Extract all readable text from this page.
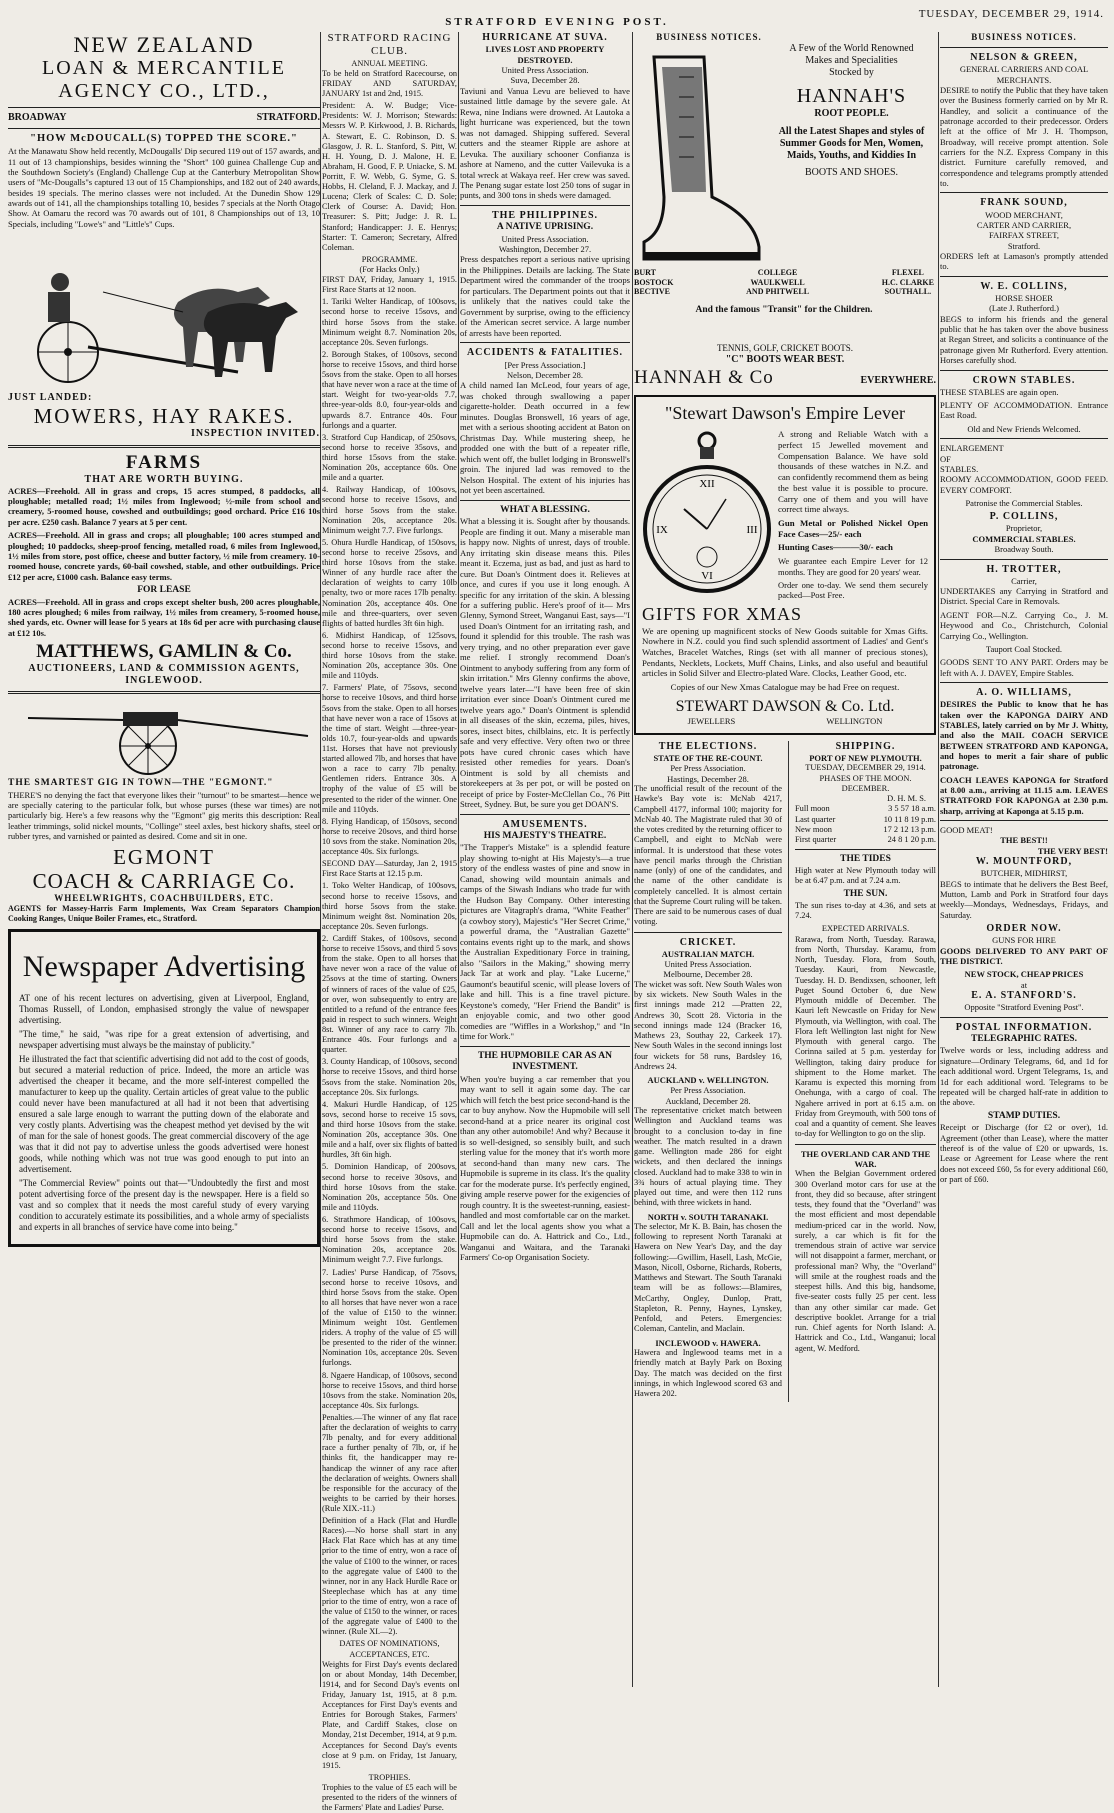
STRATFORD EVENING POST.
TUESDAY, DECEMBER 29, 1914.
NEW ZEALAND
LOAN & MERCANTILE
AGENCY CO., LTD.,
BROADWAY	STRATFORD.
"HOW McDOUCALL(S) TOPPED THE SCORE."

At the Manawatu Show held recently, McDougalls' Dip secured 119 out of 157 awards, and 11 out of 13 championships, besides winning the "Short" 100 guinea Challenge Cup and the Southdown Society's (England) Challenge Cup at the Canterbury Metropolitan Show users of "Mc-Dougalls"s captured 13 out of 15 Championships, and 182 out of 240 awards, besides 19 specials. The merino classes were not included. At the Dunedin Show 129 awards out of 141, all the championships totalling 10, besides 7 specials at the North Otago Show. At Oamaru the record was 70 awards out of 101, 8 Championships out of 13, 10 Specials, including "Lowe's" and "Little's" Cups.

JUST LANDED:
MOWERS, HAY RAKES.
INSPECTION INVITED.
FARMS
THAT ARE WORTH BUYING.

ACRES—Freehold. All in grass and crops, 15 acres stumped, 8 paddocks, all ploughable; metalled road; 1½ miles from Inglewood; ½-mile from school and creamery, 5-roomed house, cowshed and outbuildings; good orchard. Price £16 10s per acre. £250 cash. Balance 7 years at 5 per cent.

ACRES—Freehold. All in grass and crops; all ploughable; 100 acres stumped and ploughed; 10 paddocks, sheep-proof fencing, metalled road, 6 miles from Inglewood, 1½ miles from store, post office, cheese and butter factory, ½ mile from creamery. 10-roomed house, concrete yards, 60-bail cowshed, stable, and other outbuildings. Price £12 per acre, £1000 cash. Balance easy terms.

FOR LEASE

ACRES—Freehold. All in grass and crops except shelter bush, 200 acres ploughable, 180 acres ploughed; 6 miles from railway, 1½ miles from creamery, 5-roomed house, shed yards, etc. Owner will lease for 5 years at 18s 6d per acre with purchasing clause at £12 10s.

MATTHEWS, GAMLIN & Co.
AUCTIONEERS, LAND & COMMISSION AGENTS,
INGLEWOOD.
THE SMARTEST GIG IN TOWN—THE "EGMONT."

THERE'S no denying the fact that everyone likes their "turnout" to be smartest—hence we are specially catering to the particular folk, but whose purses (these war times) are not particularly big. Here's a few reasons why the "Egmont" gig merits this description: Real leather trimmings, solid nickel mounts, "Collinge" steel axles, best hickory shafts, steel or rubber tyres, and varnished or painted as desired. Come and sit in one.

EGMONT
COACH & CARRIAGE Co.
WHEELWRIGHTS, COACHBUILDERS, ETC.

AGENTS for Massey-Harris Farm Implements, Wax Cream Separators Champion Cooking Ranges, Unique Boiler Frames, etc., Stratford.

Newspaper Advertising

AT one of his recent lectures on advertising, given at Liverpool, England, Thomas Russell, of London, emphasised strongly the value of newspaper advertising.

"The time," he said, "was ripe for a great extension of advertising, and newspaper advertising must always be the mainstay of publicity."

He illustrated the fact that scientific advertising did not add to the cost of goods, but secured a material reduction of price. Indeed, the more an article was advertised the cheaper it became, and the more self-interest compelled the manufacturer to keep up the quality. Certain articles of great value to the public could never have been manufactured at all had it not been that advertising ensured a sale large enough to warrant the putting down of the elaborate and very costly plants. Advertising was the cheapest method yet devised by the wit of man for the sale of honest goods. The great commercial discovery of the age was that it did not pay to advertise unless the goods advertised were honest goods, while nothing which was not true was good enough to put into an advertisement.

"The Commercial Review" points out that—"Undoubtedly the first and most potent advertising force of the present day is the newspaper. Here is a field so vast and so complex that it needs the most careful study of every varying condition to accurately estimate its possibilities, and a whole army of specialists and experts in all branches of service have come into being."

STRATFORD RACING CLUB.
ANNUAL MEETING.

To be held on Stratford Racecourse, on FRIDAY AND SATURDAY, JANUARY 1st and 2nd, 1915.

President: A. W. Budge; Vice-Presidents: W. J. Morrison; Stewards: Messrs W. P. Kirkwood, J. B. Richards, A. Stewart, E. C. Robinson, D. S. Glasgow, J. R. L. Stanford, S. Pitt, W. H. H. Young, D. J. Malone, H. E. Abraham, H. Good, F. P. Uniacke, S. M. Porritt, F. W. Webb, G. Syme, G. S. Hobbs, H. Cleland, F. J. Mackay, and J. Lucena; Clerk of Scales: C. D. Sole; Clerk of Course: A. David; Hon. Treasurer: S. Pitt; Judge: J. R. L. Stanford; Handicapper: J. E. Henrys; Starter: T. Cameron; Secretary, Alfred Coleman.

PROGRAMME.
(For Hacks Only.)

FIRST DAY, Friday, January 1, 1915. First Race Starts at 12 noon.

1. Tariki Welter Handicap, of 100sovs, second horse to receive 15sovs, and third horse 5sovs from the stake. Minimum weight 8.7. Nomination 20s, acceptance 20s. Seven furlongs.

2. Borough Stakes, of 100sovs, second horse to receive 15sovs, and third horse 5sovs from the stake. Open to all horses that have never won a race at the time of start. Weight for two-year-olds 7.7, three-year-olds 8.0, four-year-olds and upwards 8.7. Entrance 40s. Four furlongs and a quarter.

3. Stratford Cup Handicap, of 250sovs, second horse to receive 35sovs, and third horse 15sovs from the stake. Nomination 20s, acceptance 60s. One mile and a quarter.

4. Railway Handicap, of 100sovs, second horse to receive 15sovs, and third horse 5sovs from the stake. Nomination 20s, acceptance 20s. Minimum weight 7.7. Five furlongs.

5. Ohura Hurdle Handicap, of 150sovs, second horse to receive 25sovs, and third horse 10sovs from the stake. Winner of any hurdle race after the declaration of weights to carry 10lb penalty, two or more races 17lb penalty. Nomination 20s, acceptance 40s. One mile and three-quarters, over seven flights of batted hurdles 3ft 6in high.

6. Midhirst Handicap, of 125sovs, second horse to receive 15sovs, and third horse 10sovs from the stake. Nomination 20s, acceptance 30s. One mile and 110yds.

7. Farmers' Plate, of 75sovs, second horse to receive 10sovs, and third horse 5sovs from the stake. Open to all horses that have never won a race of 15sovs at the time of start. Weight —three-year-olds 10.7, four-year-olds and upwards 11st. Horses that have not previously started allowed 7lb, and horses that have won a race to carry 7lb penalty. Gentlemen riders. Entrance 30s. A trophy of the value of £5 will be presented to the rider of the winner. One mile and 110yds.

8. Flying Handicap, of 150sovs, second horse to receive 20sovs, and third horse 10 sovs from the stake. Nomination 20s, acceptance 40s. Six furlongs.

SECOND DAY—Saturday, Jan 2, 1915 First Race Starts at 12.15 p.m.

1. Toko Welter Handicap, of 100sovs, second horse to receive 15sovs, and third horse 5sovs from the stake. Minimum weight 8st. Nomination 20s, acceptance 20s. Seven furlongs.

2. Cardiff Stakes, of 100sovs, second horse to receive 15sovs, and third 5 sovs from the stake. Open to all horses that have never won a race of the value of 25sovs at the time of starting. Owners of winners of races of the value of £25, or over, won subsequently to entry are entitled to a refund of the entrance fees paid in respect to such winners. Weight 8st. Winner of any race to carry 7lb. Entrance 40s. Four furlongs and a quarter.

3. County Handicap, of 100sovs, second horse to receive 15sovs, and third horse 5sovs from the stake. Nomination 20s, acceptance 20s. Six furlongs.

4. Makuri Hurdle Handicap, of 125 sovs, second horse to receive 15 sovs, and third horse 10sovs from the stake. Nomination 20s, acceptance 30s. One mile and a half, over six flights of batted hurdles, 3ft 6in high.

5. Dominion Handicap, of 200sovs, second horse to receive 30sovs, and third horse 10sovs from the stake. Nomination 20s, acceptance 50s. One mile and 110yds.

6. Strathmore Handicap, of 100sovs, second horse to receive 15sovs, and third horse 5sovs from the stake. Nomination 20s, acceptance 20s. Minimum weight 7.7. Five furlongs.

7. Ladies' Purse Handicap, of 75sovs, second horse to receive 10sovs, and third horse 5sovs from the stake. Open to all horses that have never won a race of the value of £150 to the winner. Minimum weight 10st. Gentlemen riders. A trophy of the value of £5 will be presented to the rider of the winner. Nomination 10s, acceptance 20s. Seven furlongs.

8. Ngaere Handicap, of 100sovs, second horse to receive 15sovs, and third horse 10sovs from the stake. Nomination 20s, acceptance 40s. Six furlongs.

Penalties.—The winner of any flat race after the declaration of weights to carry 7lb penalty, and for every additional race a further penalty of 7lb, or, if he thinks fit, the handicapper may re-handicap the winner of any race after the declaration of weights. Owners shall be responsible for the accuracy of the weights to be carried by their horses. (Rule XIX.-11.)

Definition of a Hack (Flat and Hurdle Races).—No horse shall start in any Hack Flat Race which has at any time prior to the time of entry, won a race of the value of £100 to the winner, or races to the aggregate value of £400 to the winner, nor in any Hack Hurdle Race or Steeplechase which has at any time prior to the time of entry, won a race of the value of £150 to the winner, or races of the aggregate value of £400 to the winner. (Rule XI.—2).

DATES OF NOMINATIONS, ACCEPTANCES, ETC.

Weights for First Day's events declared on or about Monday, 14th December, 1914, and for Second Day's events on Friday, January 1st, 1915, at 8 p.m. Acceptances for First Day's events and Entries for Borough Stakes, Farmers' Plate, and Cardiff Stakes, close on Monday, 21st December, 1914, at 9 p.m. Acceptances for Second Day's events close at 9 p.m. on Friday, 1st January, 1915.

TROPHIES.

Trophies to the value of £5 each will be presented to the riders of the winners of the Farmers' Plate and Ladies' Purse.

HURRICANE AT SUVA.
LIVES LOST AND PROPERTY DESTROYED.
United Press Association.
Suva, December 28.

Taviuni and Vanua Levu are believed to have sustained little damage by the severe gale. At Rewa, nine Indians were drowned. At Lautoka a light hurricane was experienced, but the town was not damaged. Shipping suffered. Several cutters and the steamer Ripple are ashore at Levuka. The auxiliary schooner Confianza is ashore at Nameno, and the cutter Vailevuka is a total wreck at Wakaya reef. Her crew was saved. The Penang sugar estate lost 250 tons of sugar in punts, and 300 tons in sheds were damaged.

THE PHILIPPINES.
A NATIVE UPRISING.
United Press Association.
Washington, December 27.

Press despatches report a serious native uprising in the Philippines. Details are lacking. The State Department wired the commander of the troops for particulars. The Department points out that it is unlikely that the natives could take the Government by surprise, owing to the efficiency of the American secret service. A large number of arrests have been reported.

ACCIDENTS & FATALITIES.
[Per Press Association.]
Nelson, December 28.

A child named Ian McLeod, four years of age, was choked through swallowing a paper cigarette-holder. Death occurred in a few minutes. Douglas Bronswell, 16 years of age, met with a serious shooting accident at Baton on Christmas Day. While mustering sheep, he prodded one with the butt of a repeater rifle, which went off, the bullet lodging in Bronswell's groin. The injured lad was removed to the Nelson Hospital. The extent of his injuries has not yet been ascertained.

WHAT A BLESSING.

What a blessing it is. Sought after by thousands. People are finding it out. Many a miserable man is happy now. Nights of unrest, days of trouble. Any irritating skin disease means this. Piles meant it. Eczema, just as bad, and just as hard to cure. But Doan's Ointment does it. Relieves at once, and cures if you use it long enough. A specific for any irritation of the skin. A blessing for a suffering public. Here's proof of it— Mrs Glenny, Symond Street, Wanganui East, says—"I used Doan's Ointment for an irritating rash, and found it splendid for this trouble. The rash was very trying, and no other preparation ever gave me relief. I strongly recommend Doan's Ointment to anybody suffering from any form of skin irritation." Mrs Glenny confirms the above, twelve years later—"I have been free of skin irritation ever since Doan's Ointment cured me twelve years ago." Doan's Ointment is splendid in all diseases of the skin, eczema, piles, hives, sores, insect bites, chilblains, etc. It is perfectly safe and very effective. Very often two or three pots have cured chronic cases which have resisted other remedies for years. Doan's Ointment is sold by all chemists and storekeepers at 3s per pot, or will be posted on receipt of price by Foster-McClellan Co., 76 Pitt Street, Sydney. But, be sure you get DOAN'S.

AMUSEMENTS.
HIS MAJESTY'S THEATRE.

"The Trapper's Mistake" is a splendid feature play showing to-night at His Majesty's—a true story of the endless wastes of pine and snow in Canad, showing wild mountain animals and camps of the Siwash Indians who trade fur with the Hudson Bay Company. Other interesting pictures are Vitagraph's drama, "White Feather" (a cowboy story), Majestic's "Her Secret Crime," a powerful drama, the "Australian Gazette" contains events right up to the mark, and shows the Australian Expeditionary Force in training, also "Sailors in the Making," showing merry Jack Tar at work and play. "Lake Lucerne," Gaumont's beautiful scenic, will please lovers of lake and hill. This is a fine travel picture. Keystone's comedy, "Her Friend the Bandit" is an enjoyable comic, and two other good comedies are "Wiffles in a Workshop," and "In time for Work."

THE HUPMOBILE CAR AS AN INVESTMENT.

When you're buying a car remember that you may want to sell it again some day. The car which will fetch the best price second-hand is the car to buy anyhow. Now the Hupmobile will sell second-hand at a price nearer its original cost than any other automobile! And why? Because it is so well-designed, so sensibly built, and such sterling value for the money that it's worth more at second-hand than many new cars. The Hupmobile is supreme in its class. It's the quality car for the moderate purse. It's perfectly engined, giving ample reserve power for the exigencies of rough country. It is the sweetest-running, easiest-handled and most comfortable car on the market. Call and let the local agents show you what a Hupmobile can do. A. Hattrick and Co., Ltd., Wanganui and Waitara, and the Taranaki Farmers' Co-op Organisation Society.

BUSINESS NOTICES.
A Few of the World Renowned
Makes and Specialities
Stocked by
HANNAH'S
ROOT PEOPLE.
All the Latest Shapes and styles of Summer Goods for Men, Women, Maids, Youths, and Kiddies In
BOOTS AND SHOES.
BURT
BOSTOCK
BECTIVE
COLLEGE
WAULKWELL
AND PHITWELL
FLEXEL
H.C. CLARKE
SOUTHALL.
And the famous "Transit" for the Children.
TENNIS, GOLF, CRICKET BOOTS.
"C" BOOTS WEAR BEST.
HANNAH & Co	EVERYWHERE.
"Stewart Dawson's Empire Lever
XII
III
VI
IX

A strong and Reliable Watch with a perfect 15 Jewelled movement and Compensation Balance. We have sold thousands of these watches in N.Z. and can confidently recommend them as being the best value it is possible to procure. Carry one of them and you will have correct time always.

Gun Metal or Polished Nickel Open Face Cases—25/- each

Hunting Cases———30/- each

We guarantee each Empire Lever for 12 months. They are good for 20 years' wear.

Order one to-day. We send them securely packed—Post Free.

GIFTS FOR XMAS

We are opening up magnificent stocks of New Goods suitable for Xmas Gifts. Nowhere in N.Z. could you find such splendid assortment of Ladies' and Gent's Watches, Bracelet Watches, Rings (set with all manner of precious stones), Pendants, Necklets, Lockets, Muff Chains, Links, and also useful and beautiful articles in Solid Silver and Electro-plated Ware. Clocks, Leather Good, etc.

Copies of our New Xmas Catalogue may be had Free on request.

STEWART DAWSON & Co. Ltd.
JEWELLERS	WELLINGTON
THE ELECTIONS.
STATE OF THE RE-COUNT.
Per Press Association.
Hastings, December 28.

The unofficial result of the recount of the Hawke's Bay vote is: McNab 4217, Campbell 4177, informal 100; majority for McNab 40. The Magistrate ruled that 30 of the votes credited by the returning officer to Campbell, and eight to McNab were informal. It is understood that these votes have pencil marks through the Christian name (only) of one of the candidates, and the name of the other candidate is completely cancelled. It is almost certain that the Supreme Court ruling will be taken. There are said to be numerous cases of dual voting.

CRICKET.
AUSTRALIAN MATCH.
United Press Association.
Melbourne, December 28.

The wicket was soft. New South Wales won by six wickets. New South Wales in the first innings made 212 —Pratten 22, Andrews 30, Scott 28. Victoria in the second innings made 124 (Bracker 16, Mathews 23, Southay 22, Carkeek 17). New South Wales in the second innings lost four wickets for 58 runs, Bardsley 16, Andrews 24.

AUCKLAND v. WELLINGTON.
Per Press Association.
Auckland, December 28.

The representative cricket match between Wellington and Auckland teams was brought to a conclusion to-day in fine weather. The match resulted in a drawn game. Wellington made 286 for eight wickets, and then declared the innings closed. Auckland had to make 338 to win in 3¾ hours of actual playing time. They played out time, and were then 112 runs behind, with three wickets in hand.

NORTH v. SOUTH TARANAKI.

The selector, Mr K. B. Bain, has chosen the following to represent North Taranaki at Hawera on New Year's Day, and the day following:—Gwillim, Hasell, Lash, McGie, Mason, Nicoll, Osborne, Richards, Roberts, Matthews and Stewart. The South Taranaki team will be as follows:—Blamires, McCarthy, Ongley, Dunlop, Pratt, Stapleton, R. Penny, Haynes, Lynskey, Penfold, and Peters. Emergencies: Coleman, Cantelin, and Maclain.

INCLEWOOD v. HAWERA.

Hawera and Inglewood teams met in a friendly match at Bayly Park on Boxing Day. The match was decided on the first innings, in which Inglewood scored 63 and Hawera 202.

SHIPPING.
PORT OF NEW PLYMOUTH.
TUESDAY, DECEMBER 29, 1914.
PHASES OF THE MOON.
DECEMBER.
D. H. M. S.
Full moon	3 5 57 18 a.m.
Last quarter	10 11 8 19 p.m.
New moon	17 2 12 13 p.m.
First quarter	24 8 1 20 p.m.
THE TIDES

High water at New Plymouth today will be at 6.47 p.m. and at 7.24 a.m.

THE SUN.

The sun rises to-day at 4.36, and sets at 7.24.

EXPECTED ARRIVALS.

Rarawa, from North, Tuesday. Rarawa, from North, Thursday. Karamu, from North, Tuesday. Flora, from South, Tuesday. Kauri, from Newcastle, Tuesday. H. D. Bendixsen, schooner, left Puget Sound October 6, due New Plymouth middle of December. The Kauri left Newcastle on Friday for New Plymouth, via Wellington, with coal. The Flora left Wellington last night for New Plymouth with general cargo. The Corinna sailed at 5 p.m. yesterday for Wellington, taking dairy produce for shipment to the Home market. The Karamu is expected this morning from Onehunga, with a cargo of coal. The Ngahere arrived in port at 6.15 a.m. on Friday from Greymouth, with 500 tons of coal and a quantity of cement. She leaves to-day for Wellington to go on the slip.

THE OVERLAND CAR AND THE WAR.

When the Belgian Government ordered 300 Overland motor cars for use at the front, they did so because, after stringent tests, they found that the "Overland" was the most efficient and most dependable medium-priced car in the world. Now, surely, a car which is fit for the tremendous strain of active war service will not disappoint a farmer, merchant, or professional man? Why, the "Overland" will smile at the roughest roads and the steepest hills. And this big, handsome, five-seater costs fully 25 per cent. less than any other similar car made. Get descriptive booklet. Arrange for a trial run. Chief agents for North Island: A. Hattrick and Co., Ltd., Wanganui; local agent, W. Medford.

BUSINESS NOTICES.
NELSON & GREEN,
GENERAL CARRIERS AND COAL MERCHANTS.

DESIRE to notify the Public that they have taken over the Business formerly carried on by Mr R. Handley, and solicit a continuance of the patronage accorded to their predecessor. Orders left at the office of Mr J. H. Thompson, Broadway, will receive prompt attention. Sole carriers for the N.Z. Express Company in this district. Furniture carefully removed, and correspondence and telegrams promptly attended to.

FRANK SOUND,
WOOD MERCHANT,
CARTER AND CARRIER,
FAIRFAX STREET,
Stratford.

ORDERS left at Lamason's promptly attended to.

W. E. COLLINS,
HORSE SHOER
(Late J. Rutherford.)

BEGS to inform his friends and the general public that he has taken over the above business at Regan Street, and solicits a continuance of the patronage given Mr Rutherford. Every attention. Horses carefully shod.

CROWN STABLES.

THESE STABLES are again open.

PLENTY OF ACCOMMODATION. Entrance East Road.

Old and New Friends Welcomed.

ENLARGEMENT
OF
STABLES.

ROOMY ACCOMMODATION, GOOD FEED. EVERY COMFORT.

Patronise the Commercial Stables.

P. COLLINS,
Proprietor,
COMMERCIAL STABLES.
Broadway South.
H. TROTTER,
Carrier,

UNDERTAKES any Carrying in Stratford and District. Special Care in Removals.

AGENT FOR—N.Z. Carrying Co., J. M. Heywood and Co., Christchurch, Colonial Carrying Co., Wellington.

Tauport Coal Stocked.

GOODS SENT TO ANY PART. Orders may be left with A. J. DAVEY, Empire Stables.

A. O. WILLIAMS,

DESIRES the Public to know that he has taken over the KAPONGA DAIRY AND STABLES, lately carried on by Mr J. Whitty, and also the MAIL COACH SERVICE BETWEEN STRATFORD AND KAPONGA, and hopes to merit a fair share of public patronage.

COACH LEAVES KAPONGA for Stratford at 8.00 a.m., arriving at 11.15 a.m. LEAVES STRATFORD FOR KAPONGA at 2.30 p.m. sharp, arriving at Kaponga at 5.15 p.m.

GOOD MEAT!
THE BEST!!
THE VERY BEST!
W. MOUNTFORD,
BUTCHER, MIDHIRST,

BEGS to intimate that he delivers the Best Beef, Mutton, Lamb and Pork in Stratford four days weekly—Mondays, Wednesdays, Fridays, and Saturday.

ORDER NOW.
GUNS FOR HIRE

GOODS DELIVERED TO ANY PART OF THE DISTRICT.

NEW STOCK, CHEAP PRICES
at
E. A. STANFORD'S.
Opposite "Stratford Evening Post".
POSTAL INFORMATION.
TELEGRAPHIC RATES.

Twelve words or less, including address and signature—Ordinary Telegrams, 6d, and 1d for each additional word. Urgent Telegrams, 1s, and 1d for each additional word. Telegrams to be repeated will be charged half-rate in addition to the above.

STAMP DUTIES.

Receipt or Discharge (for £2 or over), 1d. Agreement (other than Lease), where the matter thereof is of the value of £20 or upwards, 1s. Lease or Agreement for Lease where the rent does not exceed £60, 5s for every additional £60, or part of £60.
